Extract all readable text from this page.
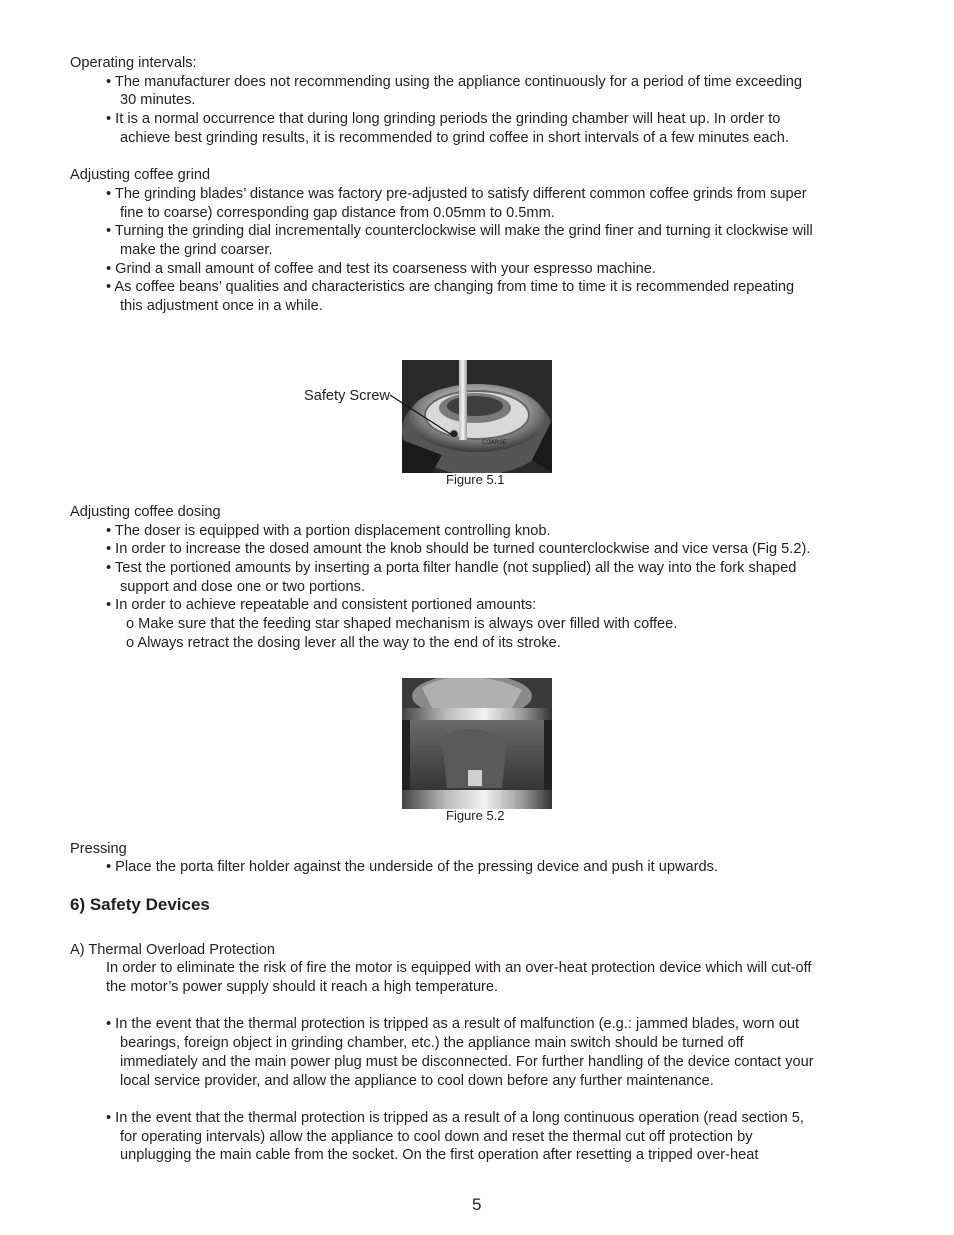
Operating intervals:
• The manufacturer does not recommending using the appliance continuously for a period of time exceeding
30 minutes.
• It is a normal occurrence that during long grinding periods the grinding chamber will heat up. In order to
achieve best grinding results, it is recommended to grind coffee in short intervals of a few minutes each.
Adjusting coffee grind
• The grinding blades’ distance was factory pre-adjusted to satisfy different common coffee grinds from super
fine to coarse) corresponding gap distance from 0.05mm to 0.5mm.
• Turning the grinding dial incrementally counterclockwise will make the grind finer and turning it clockwise will
make the grind coarser.
• Grind a small amount of coffee and test its coarseness with your espresso machine.
• As coffee beans’ qualities and characteristics are changing from time to time it is recommended repeating
this adjustment once in a while.
Safety Screw
COARSE
Figure 5.1
Adjusting coffee dosing
• The doser is equipped with a portion displacement controlling knob.
• In order to increase the dosed amount the knob should be turned counterclockwise and vice versa (Fig 5.2).
• Test the portioned amounts by inserting a porta filter handle (not supplied) all the way into the fork shaped
support and dose one or two portions.
• In order to achieve repeatable and consistent portioned amounts:
o Make sure that the feeding star shaped mechanism is always over filled with coffee.
o Always retract the dosing lever all the way to the end of its stroke.
Figure 5.2
Pressing
• Place the porta filter holder against the underside of the pressing device and push it upwards.
6) Safety Devices
A) Thermal Overload Protection
In order to eliminate the risk of fire the motor is equipped with an over-heat protection device which will cut-off
the motor’s power supply should it reach a high temperature.
• In the event that the thermal protection is tripped as a result of malfunction (e.g.: jammed blades, worn out
bearings, foreign object in grinding chamber, etc.) the appliance main switch should be turned off
immediately and the main power plug must be disconnected. For further handling of the device contact your
local service provider, and allow the appliance to cool down before any further maintenance.
• In the event that the thermal protection is tripped as a result of a long continuous operation (read section 5,
for operating intervals) allow the appliance to cool down and reset the thermal cut off protection by
unplugging the main cable from the socket. On the first operation after resetting a tripped over-heat
5
